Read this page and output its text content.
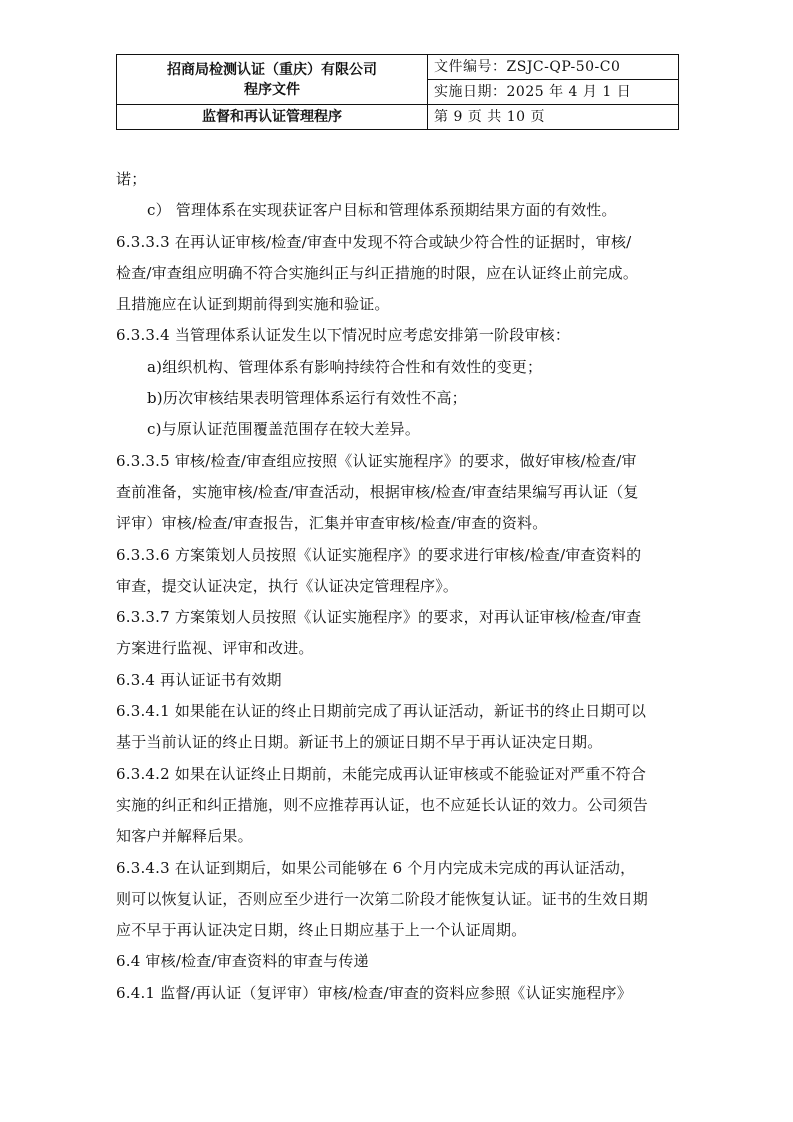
招商局检测认证（重庆）有限公司
程序文件	文件编号：ZSJC-QP-50-C0
	实施日期：2025 年 4 月 1 日
监督和再认证管理程序	第 9 页 共 10 页

诺；

c） 管理体系在实现获证客户目标和管理体系预期结果方面的有效性。

6.3.3.3 在再认证审核/检查/审查中发现不符合或缺少符合性的证据时，审核/

检查/审查组应明确不符合实施纠正与纠正措施的时限，应在认证终止前完成。

且措施应在认证到期前得到实施和验证。

6.3.3.4 当管理体系认证发生以下情况时应考虑安排第一阶段审核：

a)组织机构、管理体系有影响持续符合性和有效性的变更；

b)历次审核结果表明管理体系运行有效性不高；

c)与原认证范围覆盖范围存在较大差异。

6.3.3.5 审核/检查/审查组应按照《认证实施程序》的要求，做好审核/检查/审

查前准备，实施审核/检查/审查活动，根据审核/检查/审查结果编写再认证（复

评审）审核/检查/审查报告，汇集并审查审核/检查/审查的资料。

6.3.3.6 方案策划人员按照《认证实施程序》的要求进行审核/检查/审查资料的

审查，提交认证决定，执行《认证决定管理程序》。

6.3.3.7 方案策划人员按照《认证实施程序》的要求，对再认证审核/检查/审查

方案进行监视、评审和改进。

6.3.4 再认证证书有效期

6.3.4.1 如果能在认证的终止日期前完成了再认证活动，新证书的终止日期可以

基于当前认证的终止日期。新证书上的颁证日期不早于再认证决定日期。

6.3.4.2 如果在认证终止日期前，未能完成再认证审核或不能验证对严重不符合

实施的纠正和纠正措施，则不应推荐再认证，也不应延长认证的效力。公司须告

知客户并解释后果。

6.3.4.3 在认证到期后，如果公司能够在 6 个月内完成未完成的再认证活动，

则可以恢复认证，否则应至少进行一次第二阶段才能恢复认证。证书的生效日期

应不早于再认证决定日期，终止日期应基于上一个认证周期。

6.4 审核/检查/审查资料的审查与传递

6.4.1 监督/再认证（复评审）审核/检查/审查的资料应参照《认证实施程序》
